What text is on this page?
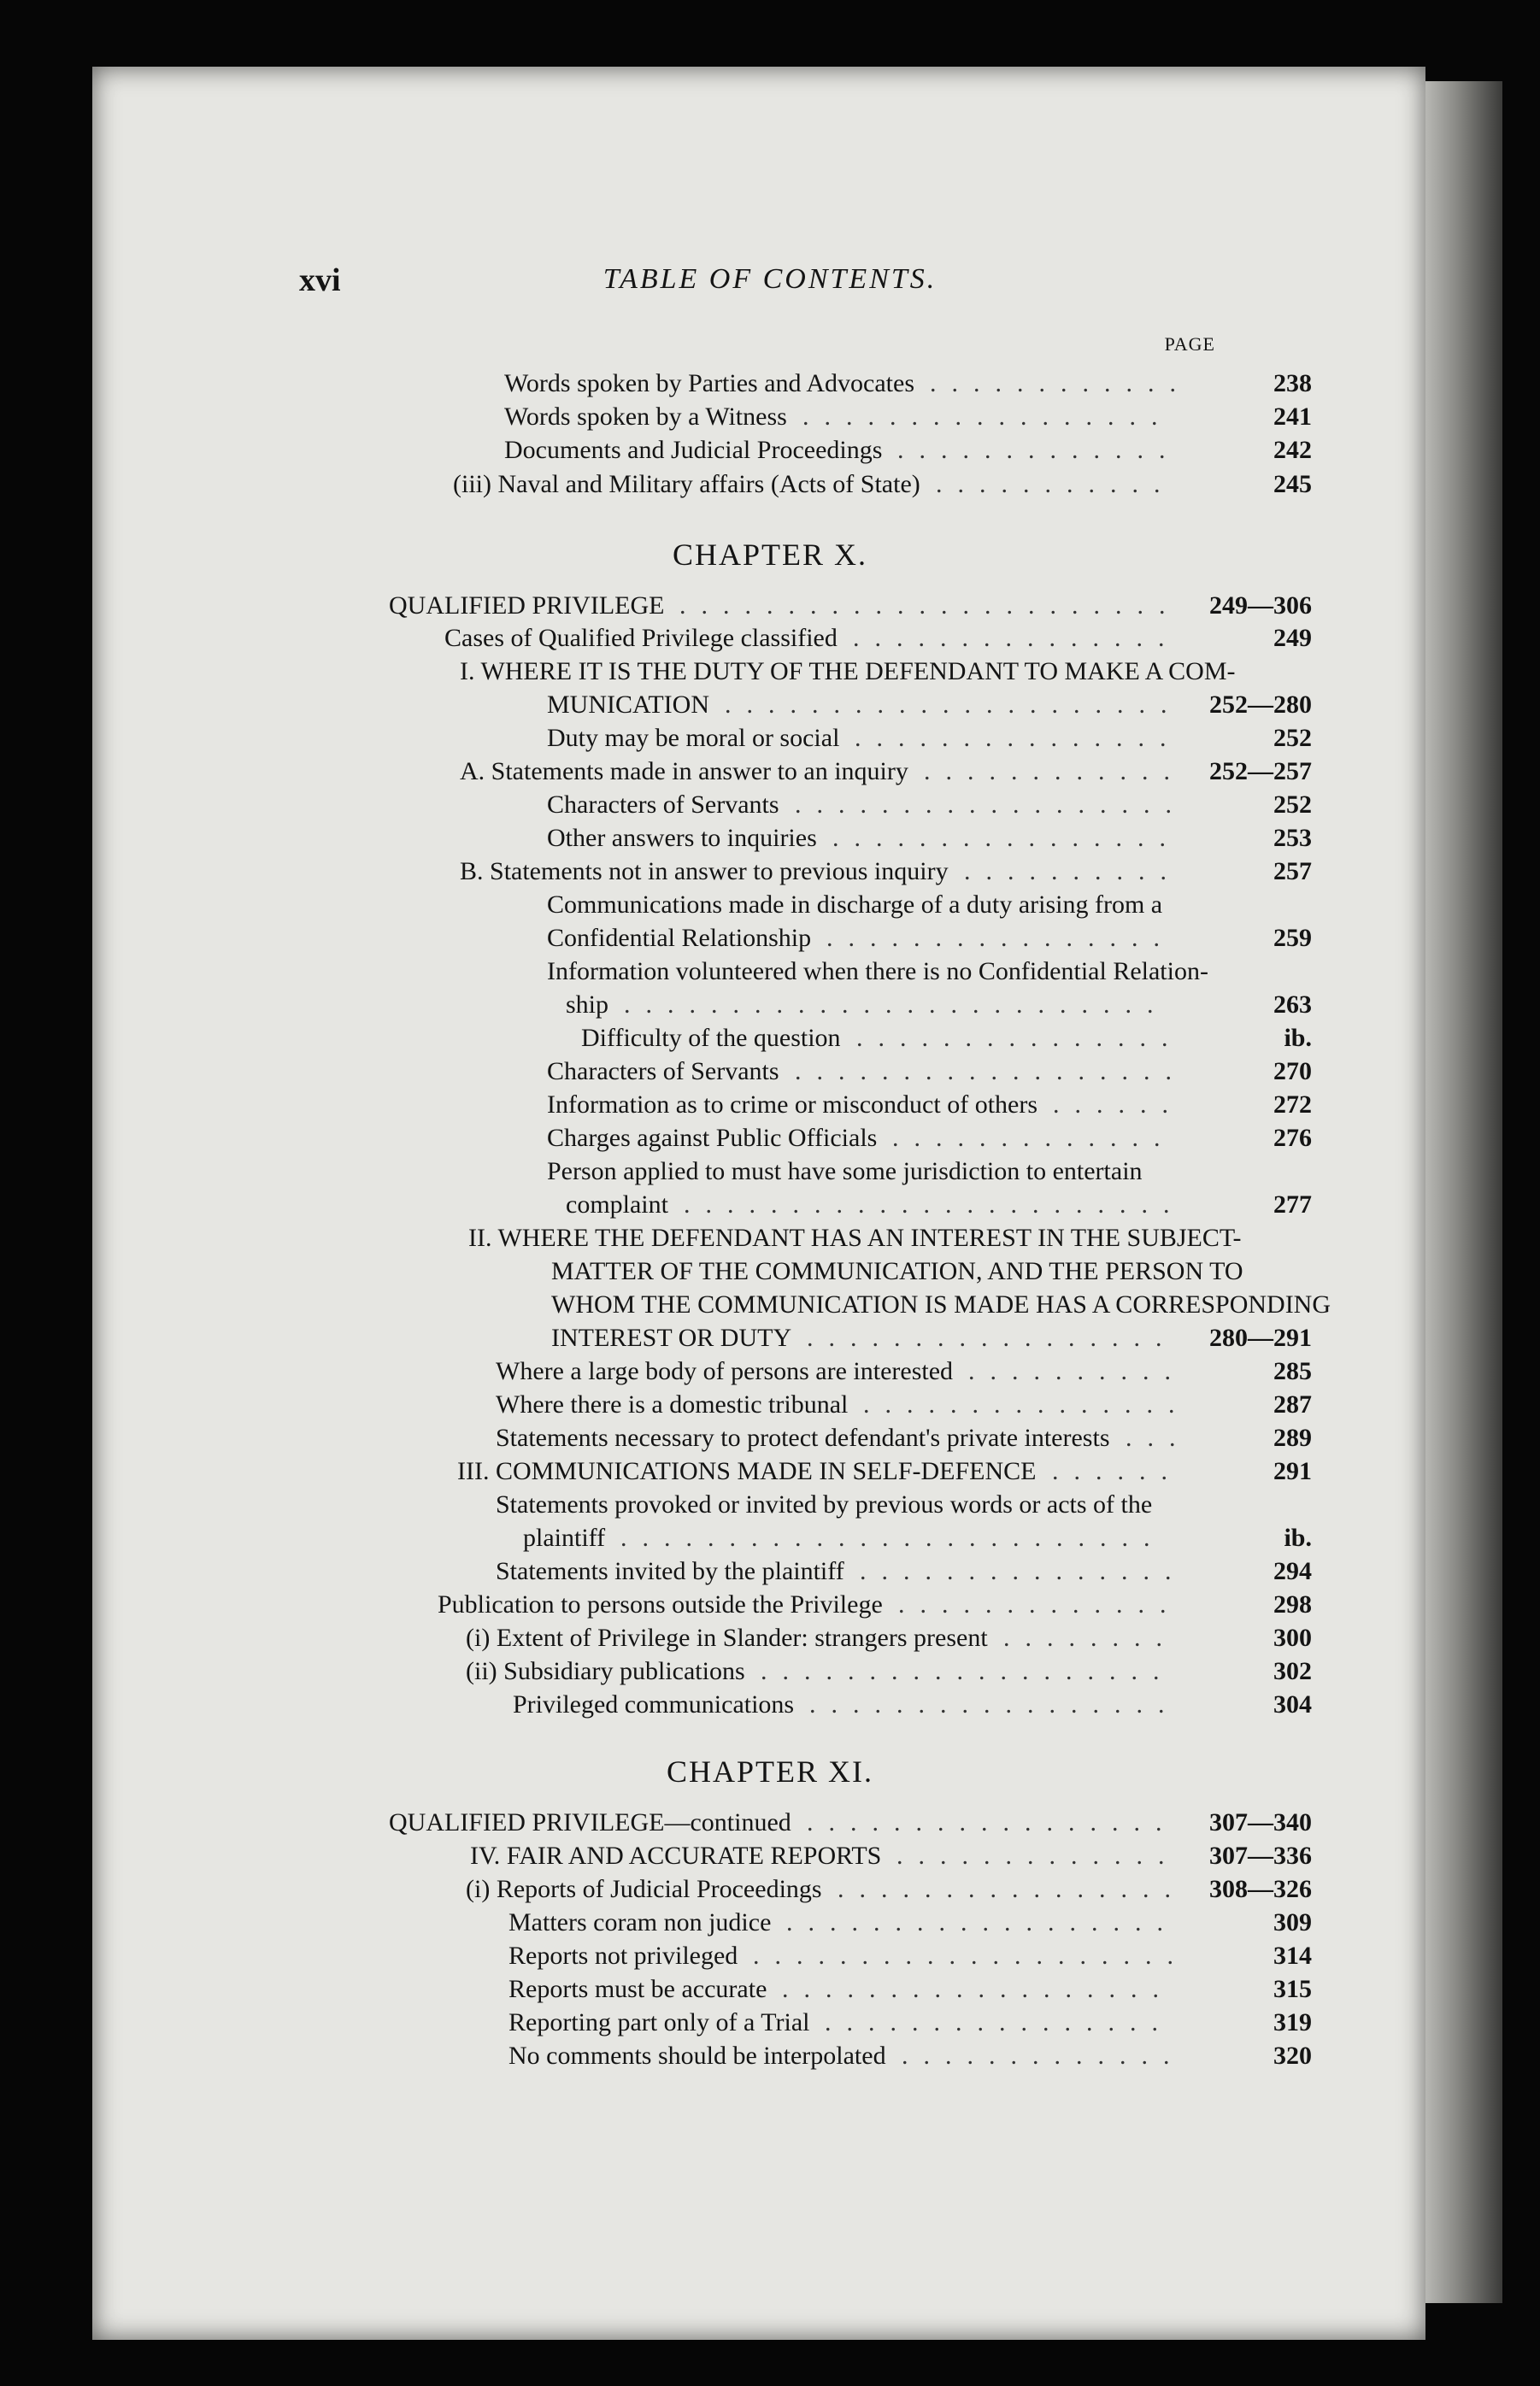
xvi	TABLE OF CONTENTS.
PAGE
CHAPTER X.
CHAPTER XI.
Words spoken by Parties and Advocates ............	238
Words spoken by a Witness .................	241
Documents and Judicial Proceedings .............	242
(iii) Naval and Military affairs (Acts of State) ...........	245
QUALIFIED PRIVILEGE .......................	249—306
Cases of Qualified Privilege classified ...............	249
I. WHERE IT IS THE DUTY OF THE DEFENDANT TO MAKE A COM-
MUNICATION .....................	252—280
Duty may be moral or social ...............	252
A. Statements made in answer to an inquiry ............ 252—257
Characters of Servants ..................	252
Other answers to inquiries ................	253
B. Statements not in answer to previous inquiry ..........	257
Communications made in discharge of a duty arising from a
Confidential Relationship ................	259
Information volunteered when there is no Confidential Relation-
ship .........................	263
Difficulty of the question ...............	ib.
Characters of Servants ..................	270
Information as to crime or misconduct of others ......	272
Charges against Public Officials .............	276
Person applied to must have some jurisdiction to entertain
complaint .......................	277
II. WHERE THE DEFENDANT HAS AN INTEREST IN THE SUBJECT-
MATTER OF THE COMMUNICATION, AND THE PERSON TO
WHOM THE COMMUNICATION IS MADE HAS A CORRESPONDING
INTEREST OR DUTY .................	280—291
Where a large body of persons are interested ..........	285
Where there is a domestic tribunal ...............	287
Statements necessary to protect defendant's private interests ...	289
III. COMMUNICATIONS MADE IN SELF-DEFENCE ......	291
Statements provoked or invited by previous words or acts of the
plaintiff .........................	ib.
Statements invited by the plaintiff ...............	294
Publication to persons outside the Privilege .............	298
(i) Extent of Privilege in Slander: strangers present ........	300
(ii) Subsidiary publications ...................	302
Privileged communications .................	304
QUALIFIED PRIVILEGE—continued .................	307—340
IV. FAIR AND ACCURATE REPORTS .............	307—336
(i) Reports of Judicial Proceedings ................ 308—326
Matters coram non judice ..................	309
Reports not privileged ....................	314
Reports must be accurate ..................	315
Reporting part only of a Trial ................	319
No comments should be interpolated .............	320
